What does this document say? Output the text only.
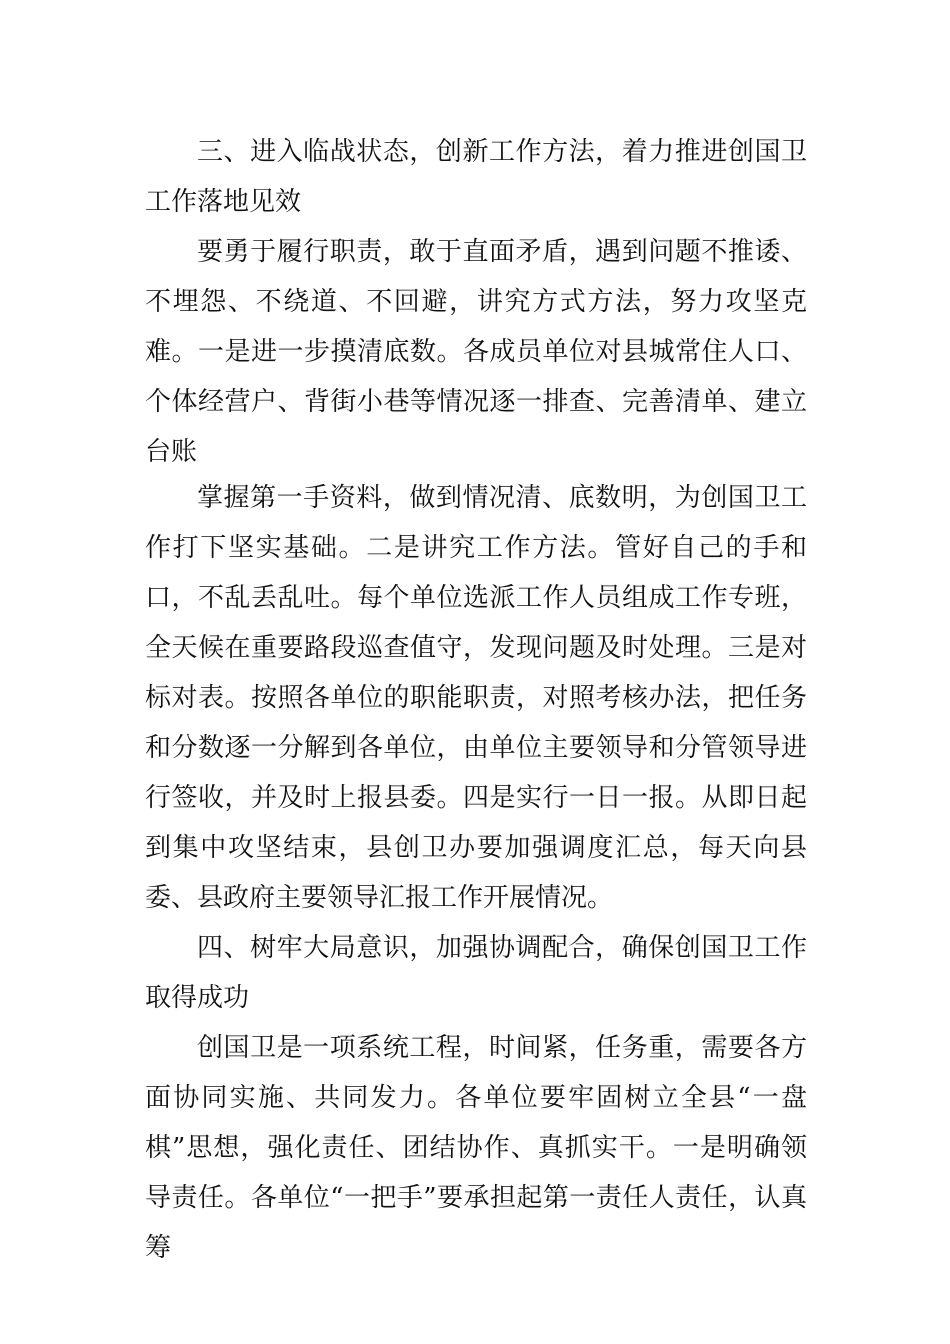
三、进入临战状态，创新工作方法，着力推进创国卫工作落地见效

要勇于履行职责，敢于直面矛盾，遇到问题不推诿、不埋怨、不绕道、不回避，讲究方式方法，努力攻坚克难。一是进一步摸清底数。各成员单位对县城常住人口、个体经营户、背街小巷等情况逐一排查、完善清单、建立台账

掌握第一手资料，做到情况清、底数明，为创国卫工作打下坚实基础。二是讲究工作方法。管好自己的手和口，不乱丢乱吐。每个单位选派工作人员组成工作专班，全天候在重要路段巡查值守，发现问题及时处理。三是对标对表。按照各单位的职能职责，对照考核办法，把任务和分数逐一分解到各单位，由单位主要领导和分管领导进行签收，并及时上报县委。四是实行一日一报。从即日起到集中攻坚结束，县创卫办要加强调度汇总，每天向县委、县政府主要领导汇报工作开展情况。

四、树牢大局意识，加强协调配合，确保创国卫工作取得成功

创国卫是一项系统工程，时间紧，任务重，需要各方面协同实施、共同发力。各单位要牢固树立全县“一盘棋”思想，强化责任、团结协作、真抓实干。一是明确领导责任。各单位“一把手”要承担起第一责任人责任，认真筹
